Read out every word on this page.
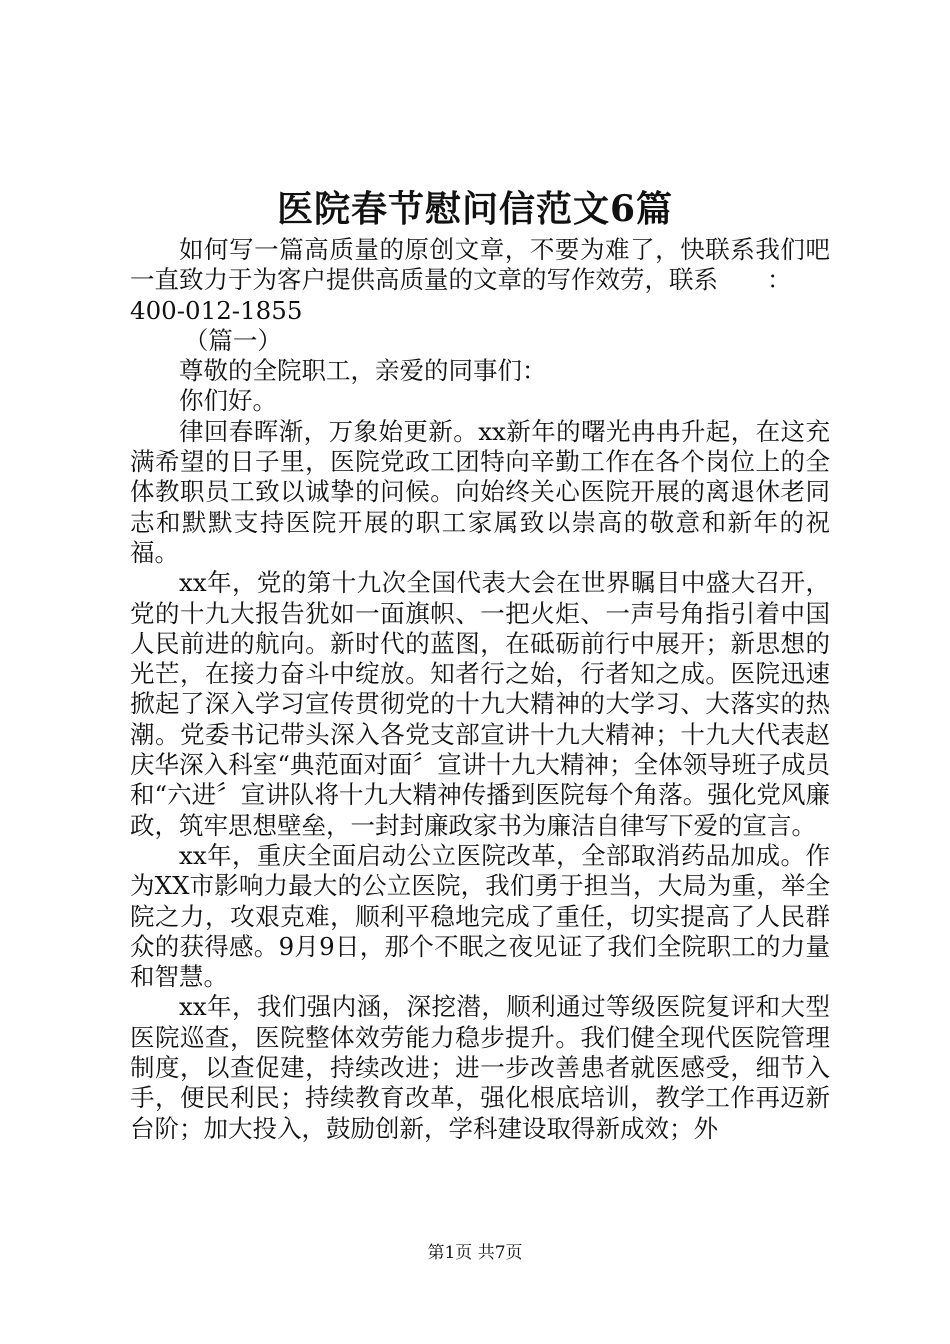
医院春节慰问信范文6篇

如何写一篇高质量的原创文章，不要为难了，快联系我们吧一直致力于为客户提供高质量的文章的写作效劳，联系　　：

400-012-1855

（篇一）

尊敬的全院职工，亲爱的同事们：

你们好。

律回春晖渐，万象始更新。xx新年的曙光冉冉升起，在这充满希望的日子里，医院党政工团特向辛勤工作在各个岗位上的全体教职员工致以诚挚的问候。向始终关心医院开展的离退休老同志和默默支持医院开展的职工家属致以崇高的敬意和新年的祝福。

xx年，党的第十九次全国代表大会在世界瞩目中盛大召开，党的十九大报告犹如一面旗帜、一把火炬、一声号角指引着中国人民前进的航向。新时代的蓝图，在砥砺前行中展开；新思想的光芒，在接力奋斗中绽放。知者行之始，行者知之成。医院迅速掀起了深入学习宣传贯彻党的十九大精神的大学习、大落实的热潮。党委书记带头深入各党支部宣讲十九大精神；十九大代表赵庆华深入科室“典范面对面〞宣讲十九大精神；全体领导班子成员和“六进〞宣讲队将十九大精神传播到医院每个角落。强化党风廉政，筑牢思想壁垒，一封封廉政家书为廉洁自律写下爱的宣言。

xx年，重庆全面启动公立医院改革，全部取消药品加成。作为XX市影响力最大的公立医院，我们勇于担当，大局为重，举全院之力，攻艰克难，顺利平稳地完成了重任，切实提高了人民群众的获得感。9月9日，那个不眠之夜见证了我们全院职工的力量和智慧。

xx年，我们强内涵，深挖潜，顺利通过等级医院复评和大型医院巡查，医院整体效劳能力稳步提升。我们健全现代医院管理制度，以查促建，持续改进；进一步改善患者就医感受，细节入手，便民利民；持续教育改革，强化根底培训，教学工作再迈新台阶；加大投入，鼓励创新，学科建设取得新成效；外

第1页 共7页
